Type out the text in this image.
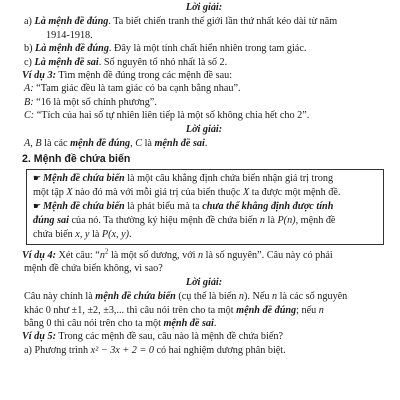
Lời giải:
a) Là mệnh đề đúng. Ta biết chiến tranh thế giới lần thứ nhất kéo dài từ năm
1914-1918.
b) Là mệnh đề đúng. Đây là một tính chất hiển nhiên trong tam giác.
c) Là mệnh đề sai. Số nguyên tố nhỏ nhất là số 2.
Ví dụ 3: Tìm mệnh đề đúng trong các mệnh đề sau:
A: “Tam giác đều là tam giác có ba cạnh bằng nhau”.
B: “16 là một số chính phương”.
C: “Tích của hai số tự nhiên liên tiếp là một số không chia hết cho 2”.
Lời giải:
A, B là các mệnh đề đúng, C là mệnh đề sai.
2. Mệnh đề chứa biến
☛ Mệnh đề chứa biến là một câu khẳng định chứa biến nhận giá trị trong
một tập X nào đó mà với mỗi giá trị của biến thuộc X ta được một mệnh đề.
☛ Mệnh đề chứa biến là phát biểu mà ta chưa thể khẳng định được tính
đúng sai của nó. Ta thường ký hiệu mệnh đề chứa biến n là P(n), mệnh đề
chứa biến x, y là P(x, y).
Ví dụ 4: Xét câu: “$n^2$ là một số dương, với n là số nguyên”. Câu này có phải
mệnh đề chứa biến không, vì sao?
Lời giải:
Câu này chính là mệnh đề chứa biến (cụ thể là biến n). Nếu n là các số nguyên
khác 0 như ±1, ±2, ±3,... thì câu nói trên cho ta một mệnh đề đúng; nếu n
bằng 0 thì câu nói trên cho ta một mệnh đề sai.
Ví dụ 5: Trong các mệnh đề sau, câu nào là mệnh đề chứa biến?
a) Phương trình x² − 3x + 2 = 0 có hai nghiệm dương phân biệt.
